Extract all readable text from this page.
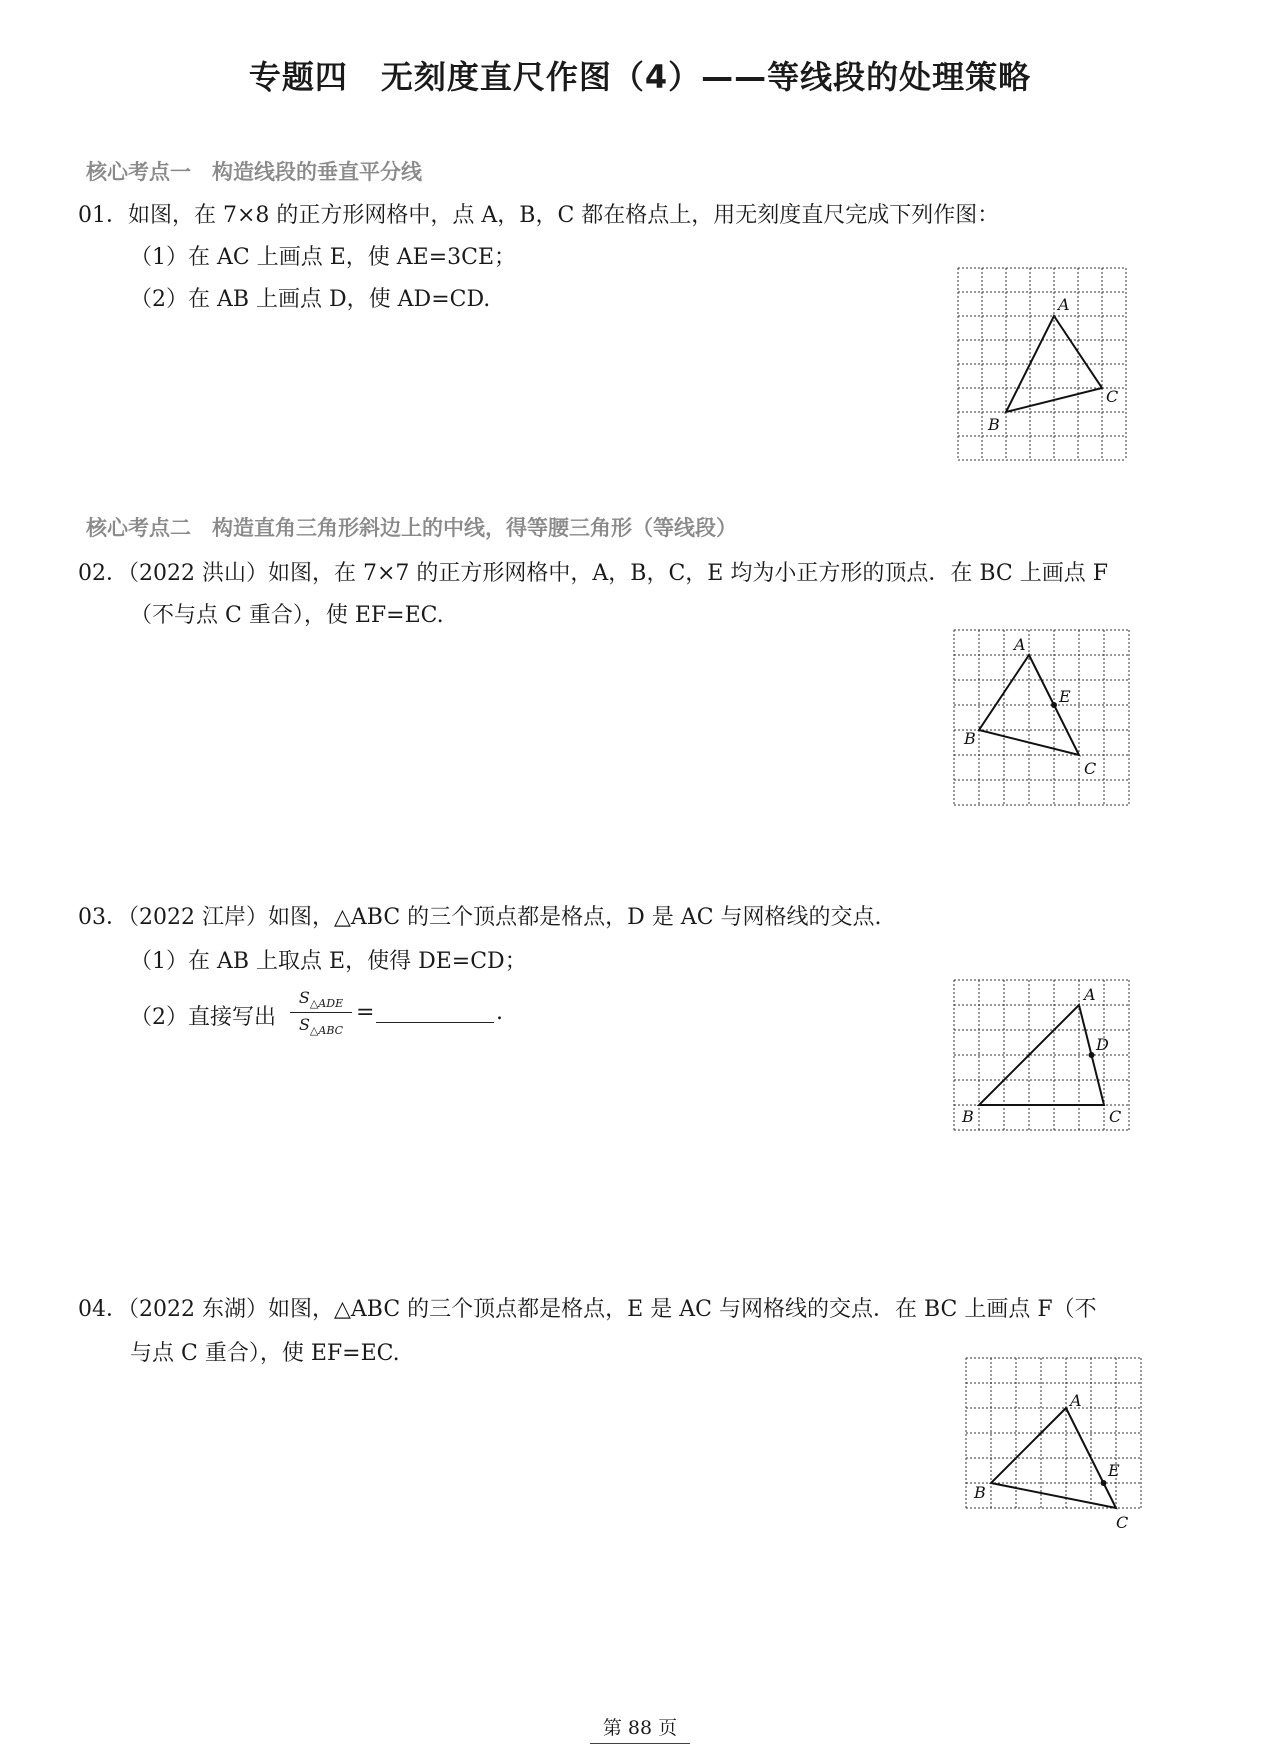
专题四　无刻度直尺作图（4）——等线段的处理策略
核心考点一　构造线段的垂直平分线
01．如图，在 7×8 的正方形网格中，点 A，B，C 都在格点上，用无刻度直尺完成下列作图：
（1）在 AC 上画点 E，使 AE=3CE；
（2）在 AB 上画点 D，使 AD=CD.	A
B
C
核心考点二　构造直角三角形斜边上的中线，得等腰三角形（等线段）
02．（2022 洪山）如图，在 7×7 的正方形网格中，A，B，C，E 均为小正方形的顶点．在 BC 上画点 F
（不与点 C 重合），使 EF=EC.
A
B
C
E
03．（2022 江岸）如图，△ABC 的三个顶点都是格点，D 是 AC 与网格线的交点.
（1）在 AB 上取点 E，使得 DE=CD；
（2）直接写出
$S_{\triangle ADE}$
$S_{\triangle ABC}$
=	.
A
B	C
D
04．（2022 东湖）如图，△ABC 的三个顶点都是格点，E 是 AC 与网格线的交点．在 BC 上画点 F（不
与点 C 重合），使 EF=EC.
A
B
C
E
第 88 页
